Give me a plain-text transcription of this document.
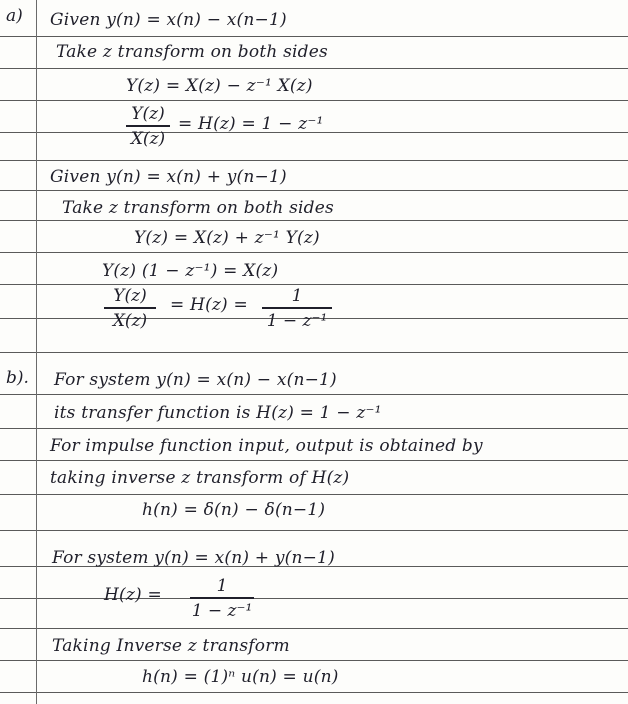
a) Given y(n) = x(n) − x(n−1)
Take z transform on both sides
Y(z) = X(z) − z⁻¹ X(z)
Y(z)
X(z)
= H(z) = 1 − z⁻¹
Given y(n) = x(n) + y(n−1)
Take z transform on both sides
Y(z) = X(z) + z⁻¹ Y(z)
Y(z) (1 − z⁻¹) = X(z)
Y(z)
X(z)
= H(z) =	1
1 − z⁻¹
b). For system y(n) = x(n) − x(n−1)
its transfer function is H(z) = 1 − z⁻¹
For impulse function input, output is obtained by
taking inverse z transform of H(z)
h(n) = δ(n) − δ(n−1)
For system y(n) = x(n) + y(n−1)
H(z) =	1
1 − z⁻¹
Taking Inverse z transform
h(n) = (1)ⁿ u(n) = u(n)
